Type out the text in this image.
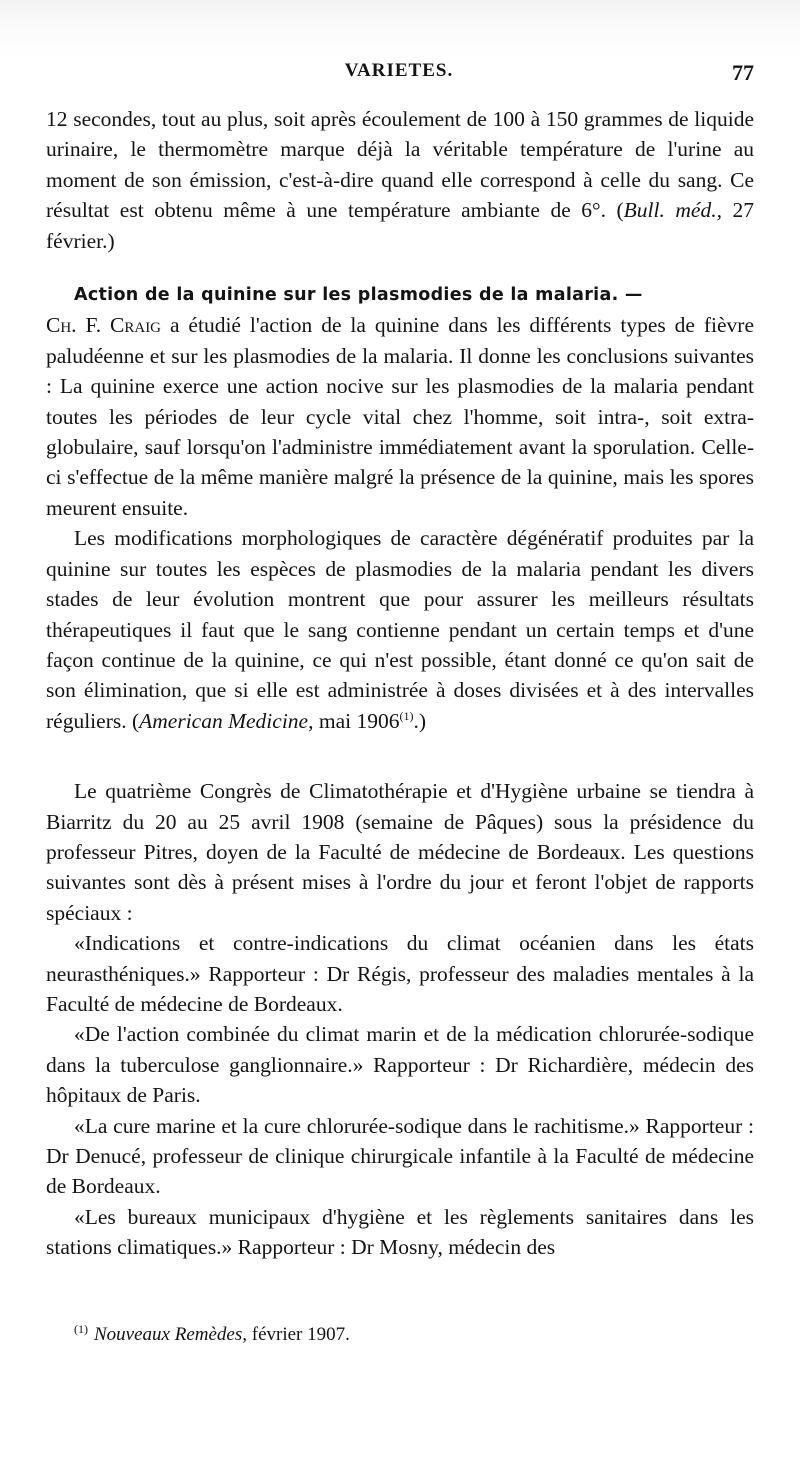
VARIETES.	77

12 secondes, tout au plus, soit après écoulement de 100 à 150 grammes de liquide urinaire, le thermomètre marque déjà la véritable température de l'urine au moment de son émission, c'est-à-dire quand elle correspond à celle du sang. Ce résultat est obtenu même à une température ambiante de 6°. (Bull. méd., 27 février.)

Action de la quinine sur les plasmodies de la malaria. —
Ch. F. Craig a étudié l'action de la quinine dans les différents types de fièvre paludéenne et sur les plasmodies de la malaria. Il donne les conclusions suivantes : La quinine exerce une action nocive sur les plasmodies de la malaria pendant toutes les périodes de leur cycle vital chez l'homme, soit intra-, soit extra-globulaire, sauf lorsqu'on l'administre immédiatement avant la sporulation. Celle-ci s'effectue de la même manière malgré la présence de la quinine, mais les spores meurent ensuite.

Les modifications morphologiques de caractère dégénératif produites par la quinine sur toutes les espèces de plasmodies de la malaria pendant les divers stades de leur évolution montrent que pour assurer les meilleurs résultats thérapeutiques il faut que le sang contienne pendant un certain temps et d'une façon continue de la quinine, ce qui n'est possible, étant donné ce qu'on sait de son élimination, que si elle est administrée à doses divisées et à des intervalles réguliers. (American Medicine, mai 1906$^{(1)}$.)

Le quatrième Congrès de Climatothérapie et d'Hygiène urbaine se tiendra à Biarritz du 20 au 25 avril 1908 (semaine de Pâques) sous la présidence du professeur Pitres, doyen de la Faculté de médecine de Bordeaux. Les questions suivantes sont dès à présent mises à l'ordre du jour et feront l'objet de rapports spéciaux :

«Indications et contre-indications du climat océanien dans les états neurasthéniques.» Rapporteur : Dr Régis, professeur des maladies mentales à la Faculté de médecine de Bordeaux.

«De l'action combinée du climat marin et de la médication chlorurée-sodique dans la tuberculose ganglionnaire.» Rapporteur : Dr Richardière, médecin des hôpitaux de Paris.

«La cure marine et la cure chlorurée-sodique dans le rachitisme.» Rapporteur : Dr Denucé, professeur de clinique chirurgicale infantile à la Faculté de médecine de Bordeaux.

«Les bureaux municipaux d'hygiène et les règlements sanitaires dans les stations climatiques.» Rapporteur : Dr Mosny, médecin des

$^{(1)}$ Nouveaux Remèdes, février 1907.
